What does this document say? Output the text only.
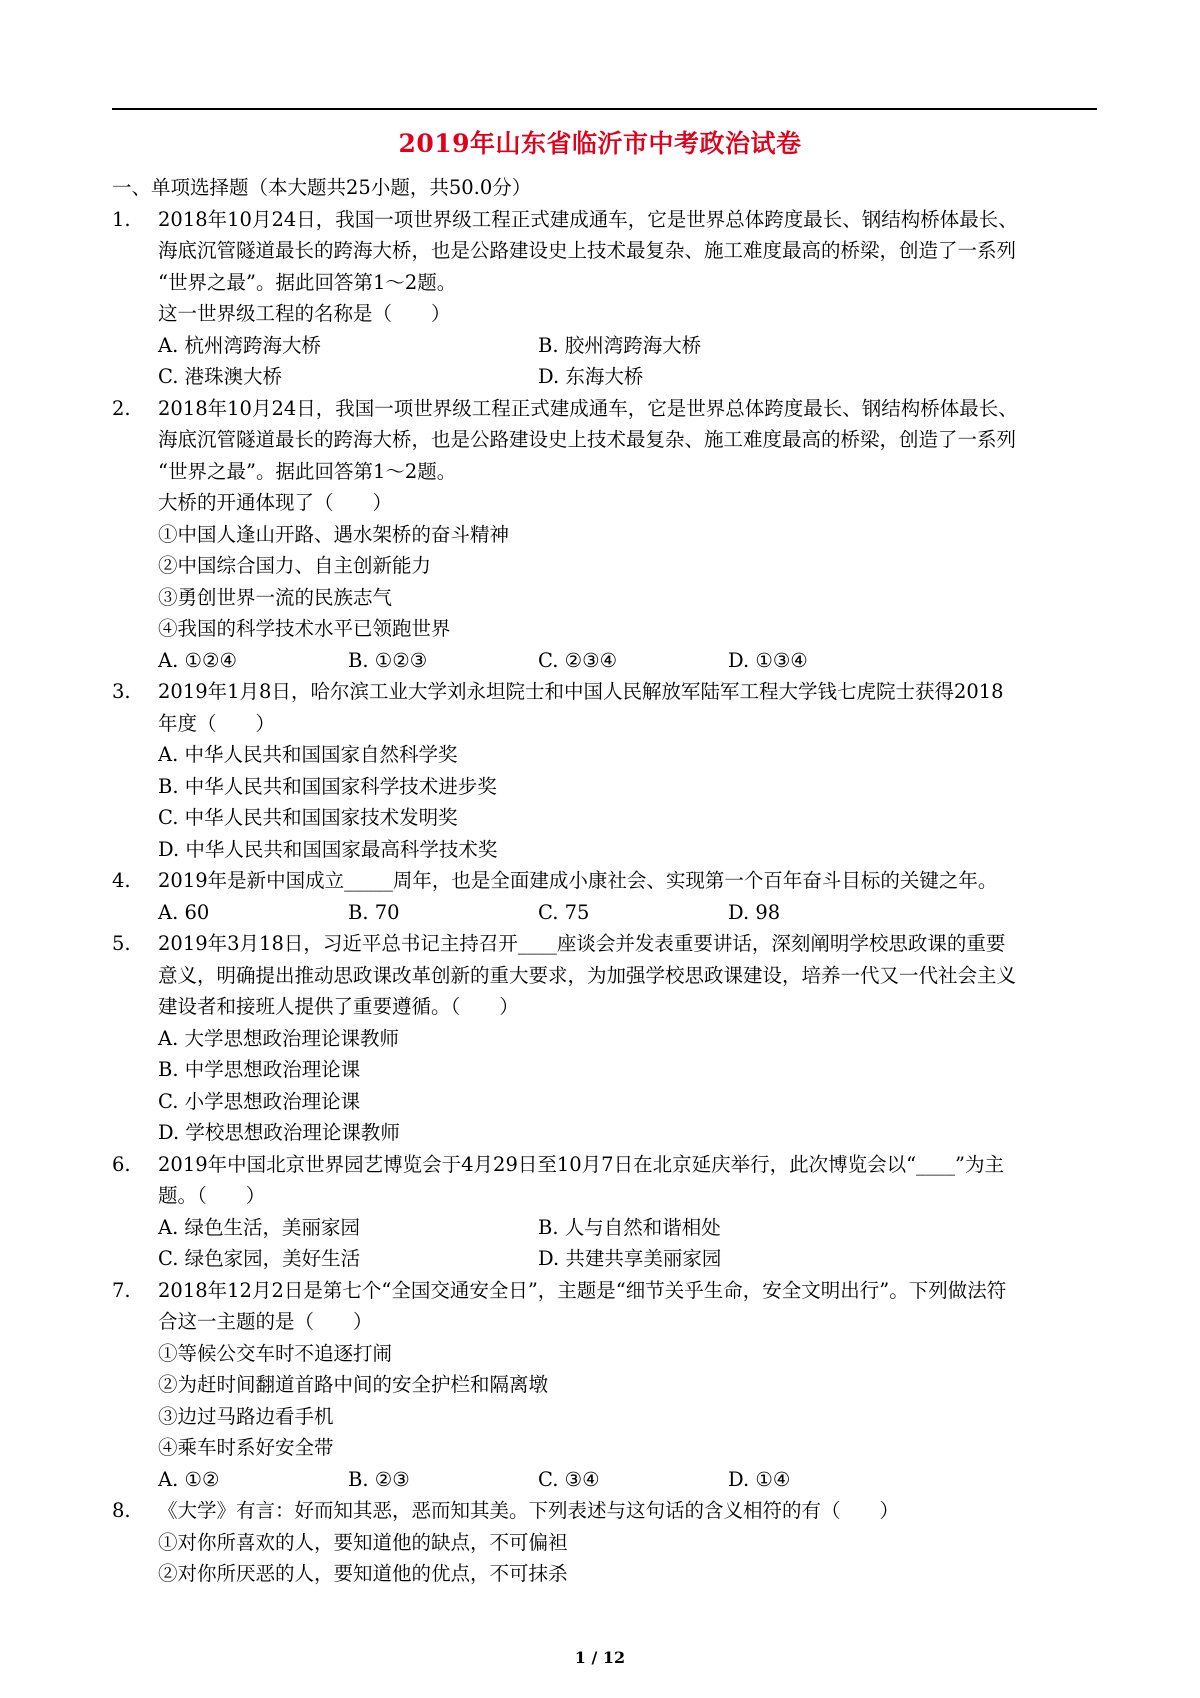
2019年山东省临沂市中考政治试卷

一、单项选择题（本大题共25小题，共50.0分）

1. 2018年10月24日，我国一项世界级工程正式建成通车，它是世界总体跨度最长、钢结构桥体最长、

海底沉管隧道最长的跨海大桥，也是公路建设史上技术最复杂、施工难度最高的桥梁，创造了一系列

“世界之最”。据此回答第1～2题。

这一世界级工程的名称是（　　）

A. 杭州湾跨海大桥	B. 胶州湾跨海大桥
C. 港珠澳大桥	D. 东海大桥
2. 2018年10月24日，我国一项世界级工程正式建成通车，它是世界总体跨度最长、钢结构桥体最长、

海底沉管隧道最长的跨海大桥，也是公路建设史上技术最复杂、施工难度最高的桥梁，创造了一系列

“世界之最”。据此回答第1～2题。

大桥的开通体现了（　　）

①中国人逢山开路、遇水架桥的奋斗精神

②中国综合国力、自主创新能力

③勇创世界一流的民族志气

④我国的科学技术水平已领跑世界

A. ①②④	B. ①②③	C. ②③④	D. ①③④
3. 2019年1月8日，哈尔滨工业大学刘永坦院士和中国人民解放军陆军工程大学钱七虎院士获得2018

年度（　　）

A. 中华人民共和国国家自然科学奖
B. 中华人民共和国国家科学技术进步奖
C. 中华人民共和国国家技术发明奖
D. 中华人民共和国国家最高科学技术奖
4. 2019年是新中国成立_____周年，也是全面建成小康社会、实现第一个百年奋斗目标的关键之年。

A. 60	B. 70	C. 75	D. 98
5. 2019年3月18日，习近平总书记主持召开____座谈会并发表重要讲话，深刻阐明学校思政课的重要

意义，明确提出推动思政课改革创新的重大要求，为加强学校思政课建设，培养一代又一代社会主义

建设者和接班人提供了重要遵循。（　　）

A. 大学思想政治理论课教师
B. 中学思想政治理论课
C. 小学思想政治理论课
D. 学校思想政治理论课教师
6. 2019年中国北京世界园艺博览会于4月29日至10月7日在北京延庆举行，此次博览会以“____”为主

题。（　　）

A. 绿色生活，美丽家园	B. 人与自然和谐相处
C. 绿色家园，美好生活	D. 共建共享美丽家园
7. 2018年12月2日是第七个“全国交通安全日”，主题是“细节关乎生命，安全文明出行”。下列做法符

合这一主题的是（　　）

①等候公交车时不追逐打闹

②为赶时间翻道首路中间的安全护栏和隔离墩

③边过马路边看手机

④乘车时系好安全带

A. ①②	B. ②③	C. ③④	D. ①④
8. 《大学》有言：好而知其恶，恶而知其美。下列表述与这句话的含义相符的有（　　）

①对你所喜欢的人，要知道他的缺点，不可偏袒

②对你所厌恶的人，要知道他的优点，不可抹杀

1 / 12
